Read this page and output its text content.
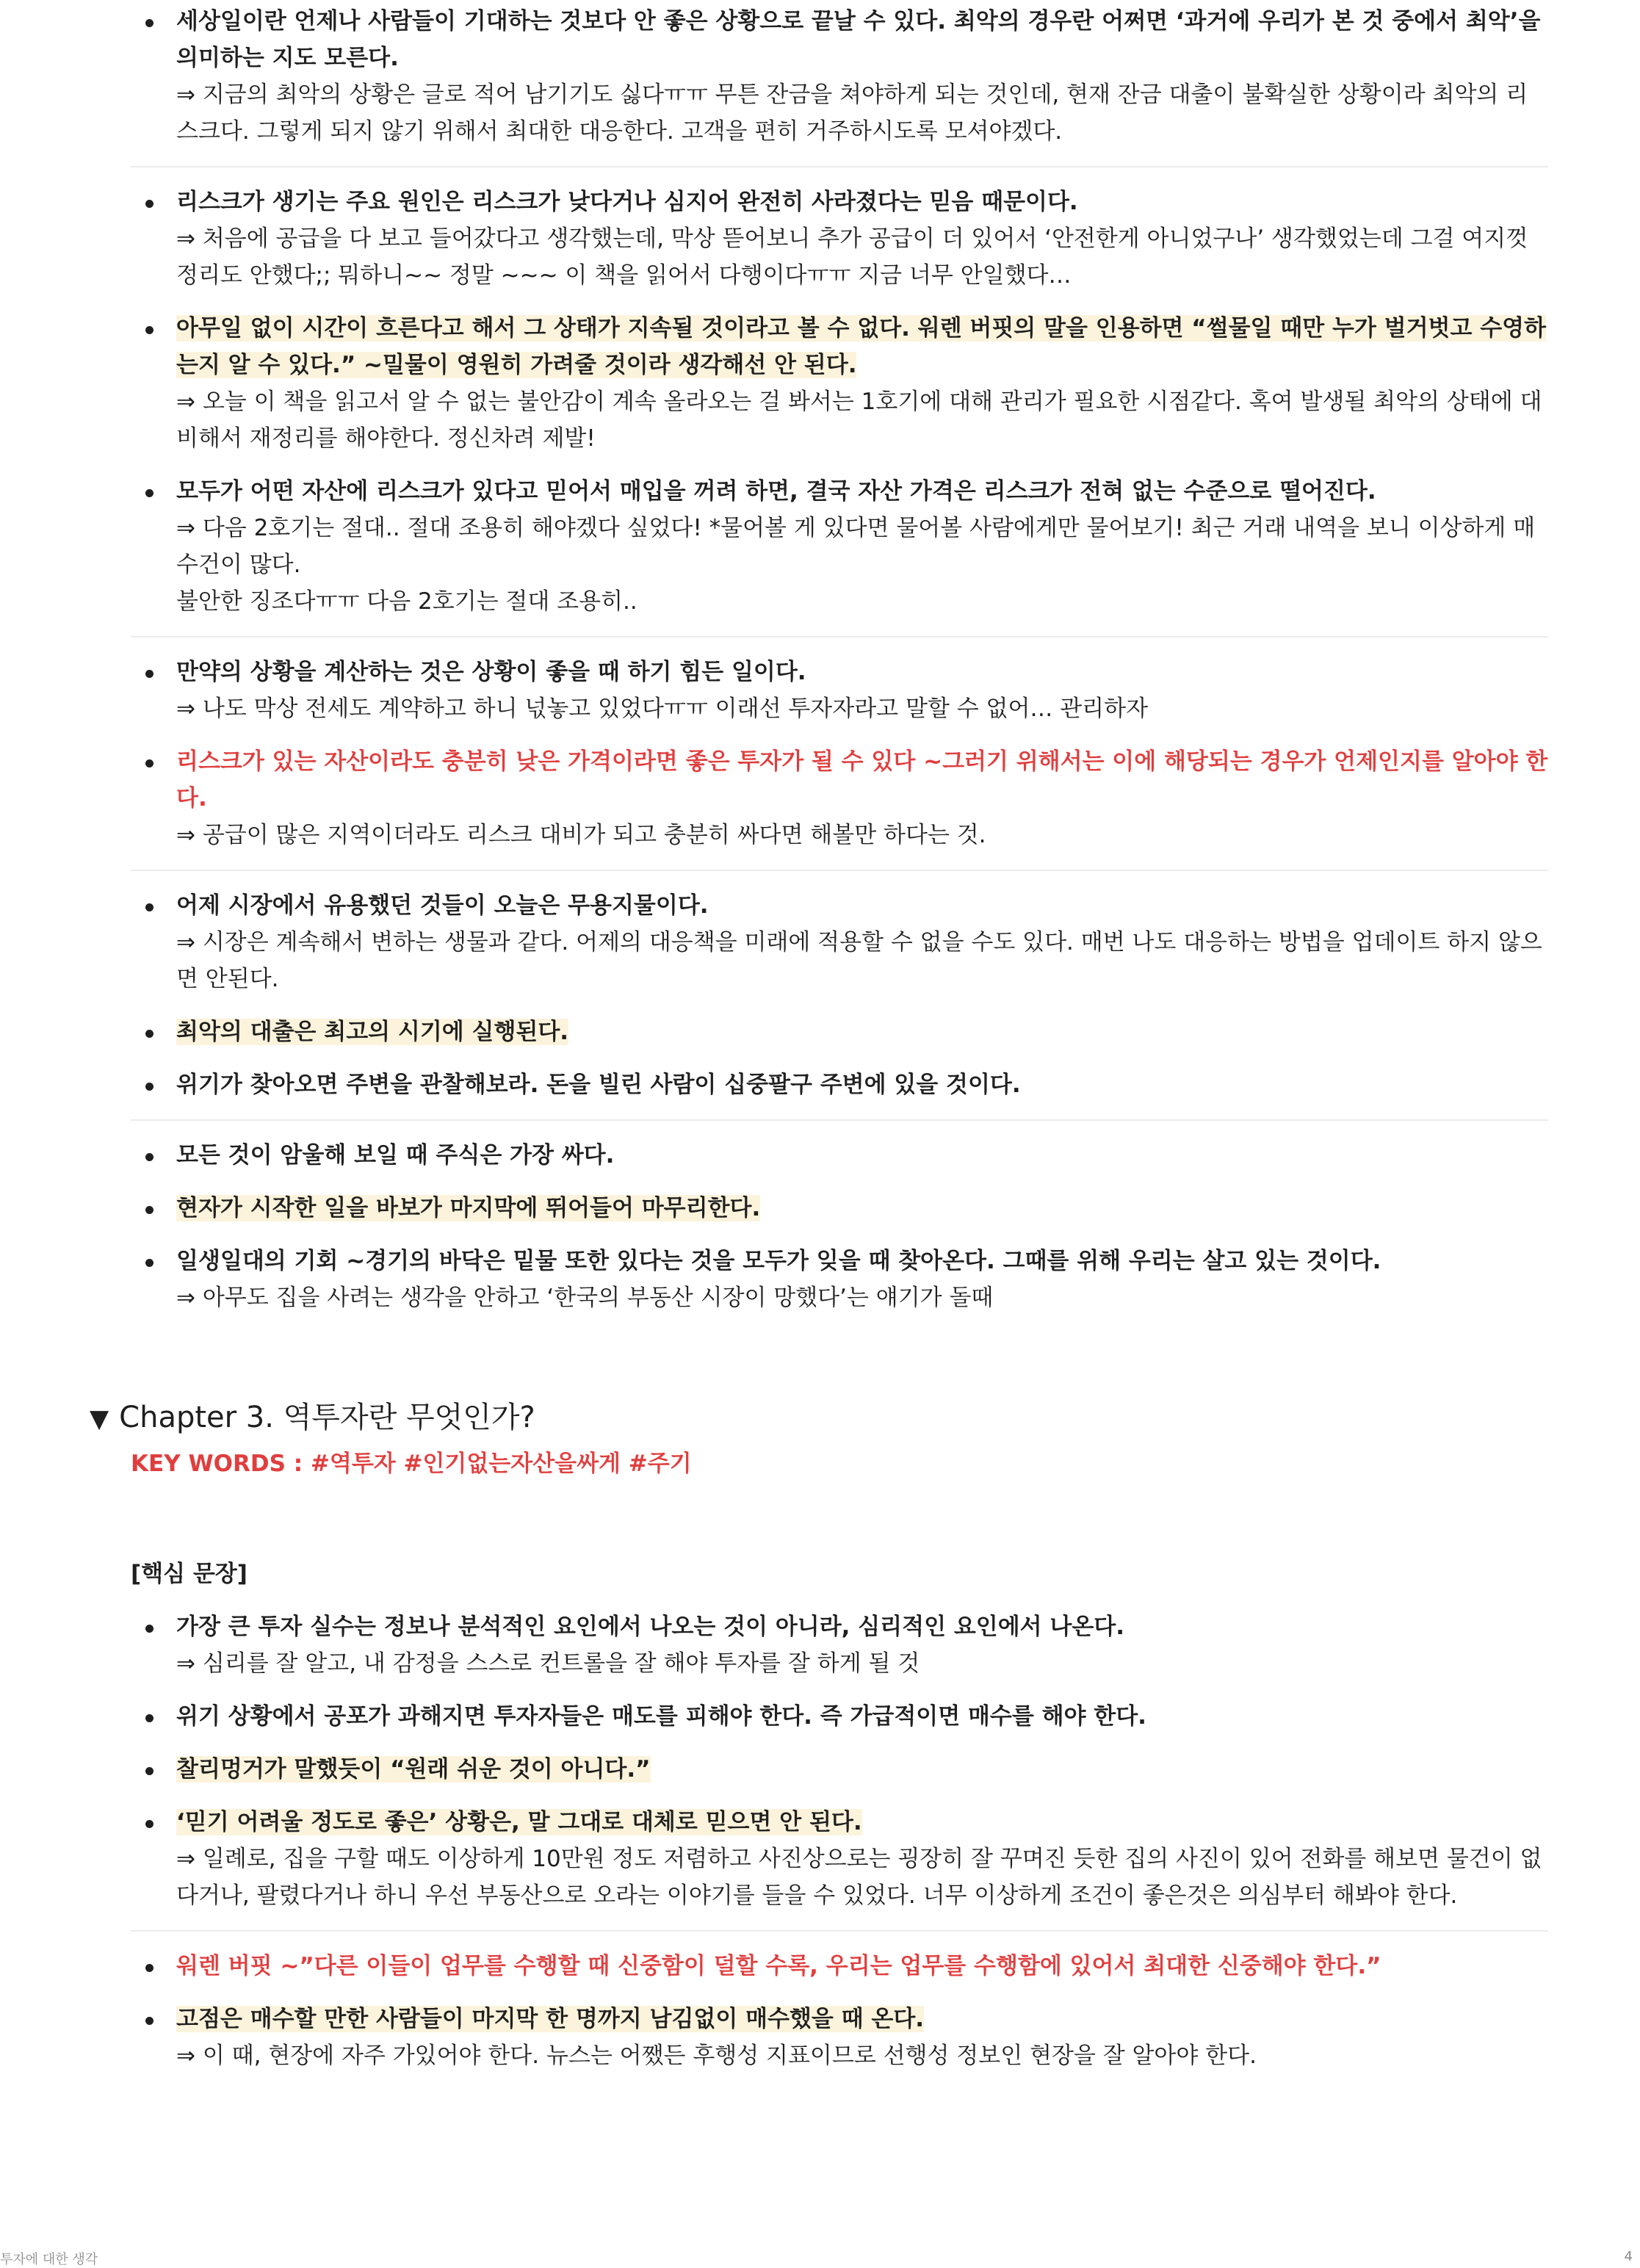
세상일이란 언제나 사람들이 기대하는 것보다 안 좋은 상황으로 끝날 수 있다. 최악의 경우란 어쩌면 ‘과거에 우리가 본 것 중에서 최악’을 의미하는 지도 모른다.
⇒ 지금의 최악의 상황은 글로 적어 남기기도 싫다ㅠㅠ 무튼 잔금을 쳐야하게 되는 것인데, 현재 잔금 대출이 불확실한 상황이라 최악의 리스크다. 그렇게 되지 않기 위해서 최대한 대응한다. 고객을 편히 거주하시도록 모셔야겠다.
리스크가 생기는 주요 원인은 리스크가 낮다거나 심지어 완전히 사라졌다는 믿음 때문이다.
⇒ 처음에 공급을 다 보고 들어갔다고 생각했는데, 막상 뜯어보니 추가 공급이 더 있어서 ‘안전한게 아니었구나’ 생각했었는데 그걸 여지껏 정리도 안했다;; 뭐하니~~ 정말 ~~~ 이 책을 읽어서 다행이다ㅠㅠ 지금 너무 안일했다…
아무일 없이 시간이 흐른다고 해서 그 상태가 지속될 것이라고 볼 수 없다. 워렌 버핏의 말을 인용하면 “썰물일 때만 누가 벌거벗고 수영하는지 알 수 있다.” ~밀물이 영원히 가려줄 것이라 생각해선 안 된다.
⇒ 오늘 이 책을 읽고서 알 수 없는 불안감이 계속 올라오는 걸 봐서는 1호기에 대해 관리가 필요한 시점같다. 혹여 발생될 최악의 상태에 대비해서 재정리를 해야한다. 정신차려 제발!
모두가 어떤 자산에 리스크가 있다고 믿어서 매입을 꺼려 하면, 결국 자산 가격은 리스크가 전혀 없는 수준으로 떨어진다.
⇒ 다음 2호기는 절대.. 절대 조용히 해야겠다 싶었다! *물어볼 게 있다면 물어볼 사람에게만 물어보기! 최근 거래 내역을 보니 이상하게 매수건이 많다.
불안한 징조다ㅠㅠ 다음 2호기는 절대 조용히..
만약의 상황을 계산하는 것은 상황이 좋을 때 하기 힘든 일이다.
⇒ 나도 막상 전세도 계약하고 하니 넋놓고 있었다ㅠㅠ 이래선 투자자라고 말할 수 없어… 관리하자
리스크가 있는 자산이라도 충분히 낮은 가격이라면 좋은 투자가 될 수 있다 ~그러기 위해서는 이에 해당되는 경우가 언제인지를 알아야 한다.
⇒ 공급이 많은 지역이더라도 리스크 대비가 되고 충분히 싸다면 해볼만 하다는 것.
어제 시장에서 유용했던 것들이 오늘은 무용지물이다.
⇒ 시장은 계속해서 변하는 생물과 같다. 어제의 대응책을 미래에 적용할 수 없을 수도 있다. 매번 나도 대응하는 방법을 업데이트 하지 않으면 안된다.
최악의 대출은 최고의 시기에 실행된다.
위기가 찾아오면 주변을 관찰해보라. 돈을 빌린 사람이 십중팔구 주변에 있을 것이다.
모든 것이 암울해 보일 때 주식은 가장 싸다.
현자가 시작한 일을 바보가 마지막에 뛰어들어 마무리한다.
일생일대의 기회 ~경기의 바닥은 밑물 또한 있다는 것을 모두가 잊을 때 찾아온다. 그때를 위해 우리는 살고 있는 것이다.
⇒ 아무도 집을 사려는 생각을 안하고 ‘한국의 부동산 시장이 망했다’는 얘기가 돌때
▼ Chapter 3. 역투자란 무엇인가?
KEY WORDS : #역투자 #인기없는자산을싸게 #주기
[핵심 문장]
가장 큰 투자 실수는 정보나 분석적인 요인에서 나오는 것이 아니라, 심리적인 요인에서 나온다.
⇒ 심리를 잘 알고, 내 감정을 스스로 컨트롤을 잘 해야 투자를 잘 하게 될 것
위기 상황에서 공포가 과해지면 투자자들은 매도를 피해야 한다. 즉 가급적이면 매수를 해야 한다.
찰리멍거가 말했듯이 “원래 쉬운 것이 아니다.”
‘믿기 어려울 정도로 좋은’ 상황은, 말 그대로 대체로 믿으면 안 된다.
⇒ 일례로, 집을 구할 때도 이상하게 10만원 정도 저렴하고 사진상으로는 굉장히 잘 꾸며진 듯한 집의 사진이 있어 전화를 해보면 물건이 없다거나, 팔렸다거나 하니 우선 부동산으로 오라는 이야기를 들을 수 있었다. 너무 이상하게 조건이 좋은것은 의심부터 해봐야 한다.
워렌 버핏 ~”다른 이들이 업무를 수행할 때 신중함이 덜할 수록, 우리는 업무를 수행함에 있어서 최대한 신중해야 한다.”
고점은 매수할 만한 사람들이 마지막 한 명까지 남김없이 매수했을 때 온다.
⇒ 이 때, 현장에 자주 가있어야 한다. 뉴스는 어쨌든 후행성 지표이므로 선행성 정보인 현장을 잘 알아야 한다.
투자에 대한 생각	4
